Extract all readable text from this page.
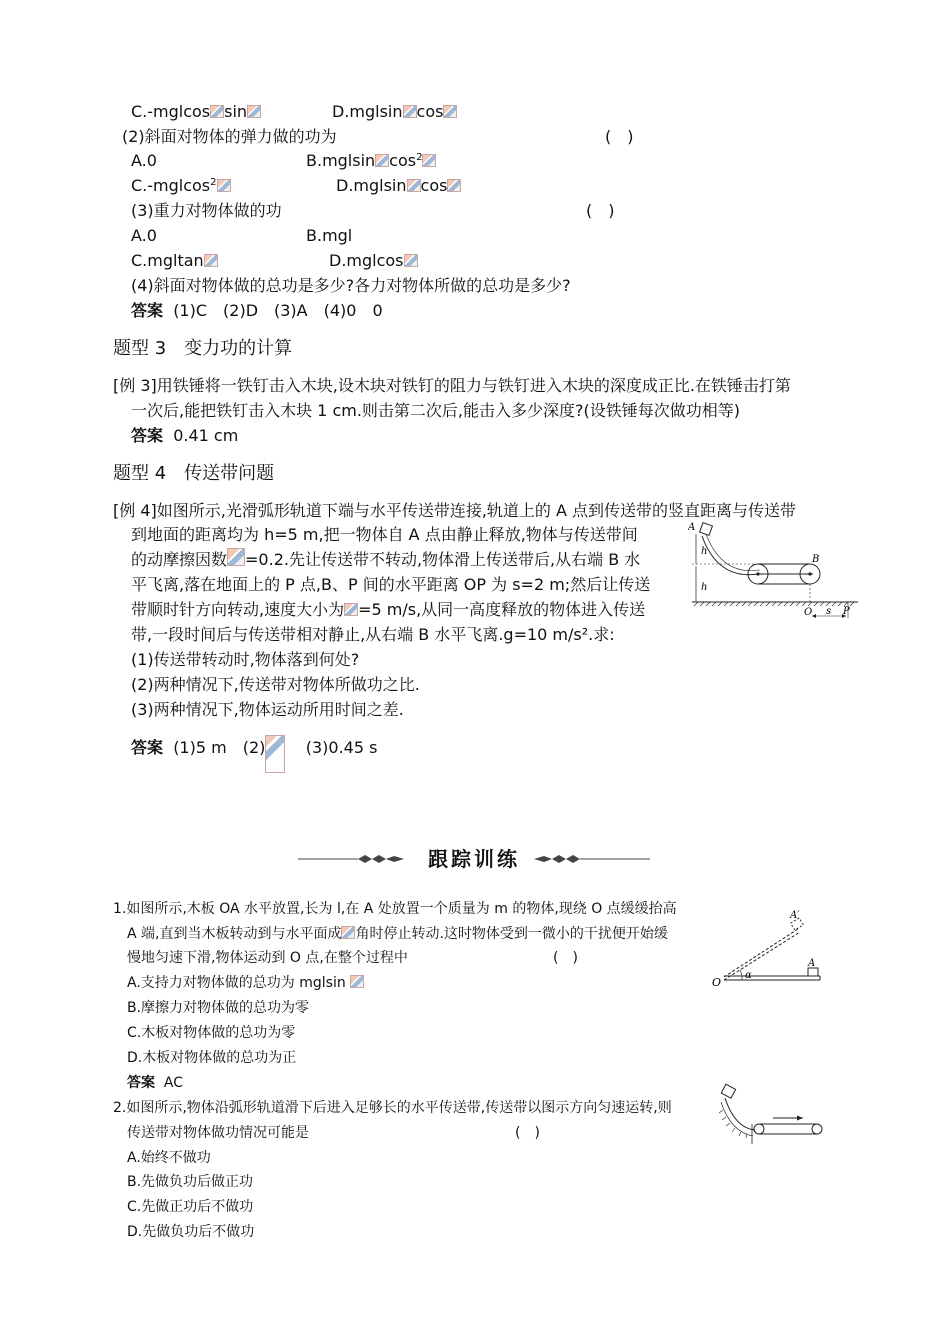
C.-mglcos sin	D.mglsin cos
(2)斜面对物体的弹力做的功为	(　)
A.0	B.mglsin $\cos^2$
C.-mglcos$^2$	D.mglsin cos
(3)重力对物体做的功	(　)
A.0	B.mgl
C.mgltan	D.mglcos
(4)斜面对物体做的总功是多少?各力对物体所做的总功是多少?
答案 (1)C　(2)D　(3)A　(4)0　0
题型 3　变力功的计算
[例 3]用铁锤将一铁钉击入木块,设木块对铁钉的阻力与铁钉进入木块的深度成正比.在铁锤击打第
一次后,能把铁钉击入木块 1 cm.则击第二次后,能击入多少深度?(设铁锤每次做功相等)
答案 0.41 cm
题型 4　传送带问题
[例 4]如图所示,光滑弧形轨道下端与水平传送带连接,轨道上的 A 点到传送带的竖直距离与传送带
到地面的距离均为 h=5 m,把一物体自 A 点由静止释放,物体与传送带间
的动摩擦因数 =0.2.先让传送带不转动,物体滑上传送带后,从右端 B 水
平飞离,落在地面上的 P 点,B、P 间的水平距离 OP 为 s=2 m;然后让传送
带顺时针方向转动,速度大小为 =5 m/s,从同一高度释放的物体进入传送
带,一段时间后与传送带相对静止,从右端 B 水平飞离.g=10 m/s².求:
(1)传送带转动时,物体落到何处?
(2)两种情况下,传送带对物体所做功之比.
(3)两种情况下,物体运动所用时间之差.
答案 (1)5 m　(2)	(3)0.45 s
A
h
h
B
O s P
跟踪训练
1.如图所示,木板 OA 水平放置,长为 l,在 A 处放置一个质量为 m 的物体,现绕 O 点缓缓抬高
A 端,直到当木板转动到与水平面成 角时停止转动.这时物体受到一微小的干扰便开始缓
慢地匀速下滑,物体运动到 O 点,在整个过程中	(　)
A.支持力对物体做的总功为 mglsin
B.摩擦力对物体做的总功为零
C.木板对物体做的总功为零
D.木板对物体做的总功为正
答案 AC
O
α
A
A′
2.如图所示,物体沿弧形轨道滑下后进入足够长的水平传送带,传送带以图示方向匀速运转,则
传送带对物体做功情况可能是	(　)
A.始终不做功
B.先做负功后做正功
C.先做正功后不做功
D.先做负功后不做功
